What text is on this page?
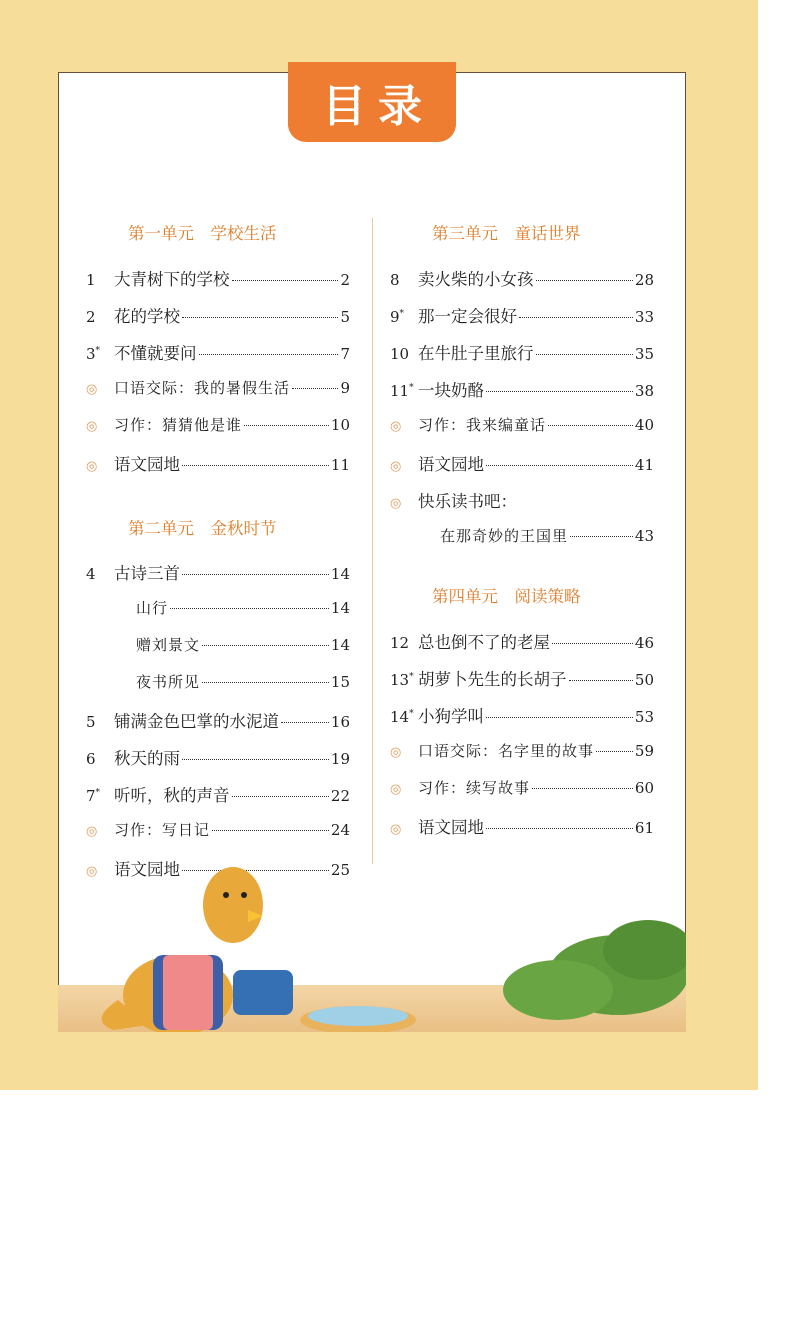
目录
第一单元　学校生活
1	大青树下的学校	2
2	花的学校	5
3* 不懂就要问	7
◎	口语交际：我的暑假生活	9
◎	习作：猜猜他是谁	10
◎	语文园地	11
第二单元　金秋时节
4	古诗三首	14
山行	14
赠刘景文	14
夜书所见	15
5	铺满金色巴掌的水泥道	16
6	秋天的雨	19
7* 听听，秋的声音	22
◎	习作：写日记	24
◎	语文园地	25
第三单元　童话世界
8	卖火柴的小女孩	28
9* 那一定会很好	33
10 在牛肚子里旅行	35
11* 一块奶酪	38
◎	习作：我来编童话	40
◎	语文园地	41
◎	快乐读书吧：
在那奇妙的王国里	43
第四单元　阅读策略
12 总也倒不了的老屋	46
13* 胡萝卜先生的长胡子	50
14* 小狗学叫	53
◎	口语交际：名字里的故事	59
◎	习作：续写故事	60
◎	语文园地	61
